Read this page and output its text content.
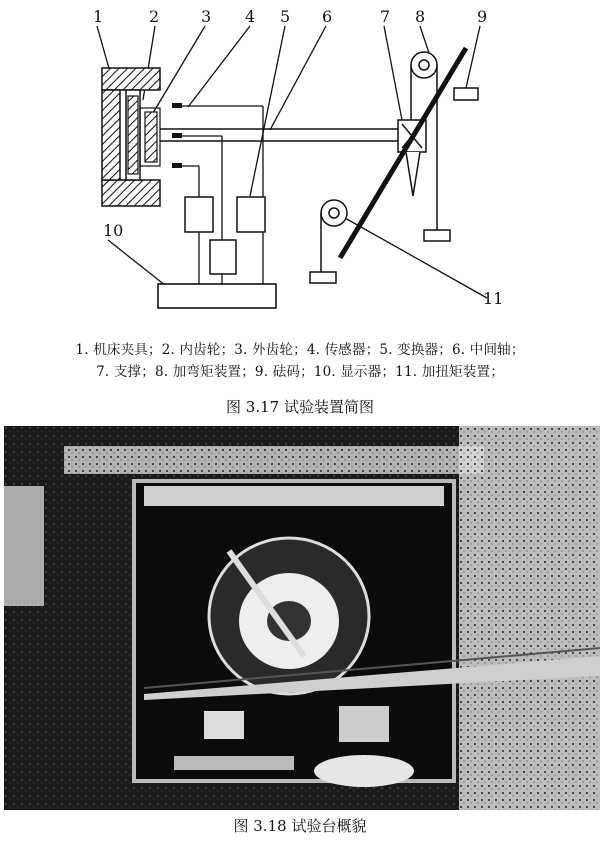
1	2	3 4 5 6	7 8	9
10
11
1. 机床夹具；2. 内齿轮；3. 外齿轮；4. 传感器；5. 变换器；6. 中间轴；
7. 支撑；8. 加弯矩装置；9. 砝码；10. 显示器；11. 加扭矩装置；
图 3.17 试验装置简图
图 3.18 试验台概貌
